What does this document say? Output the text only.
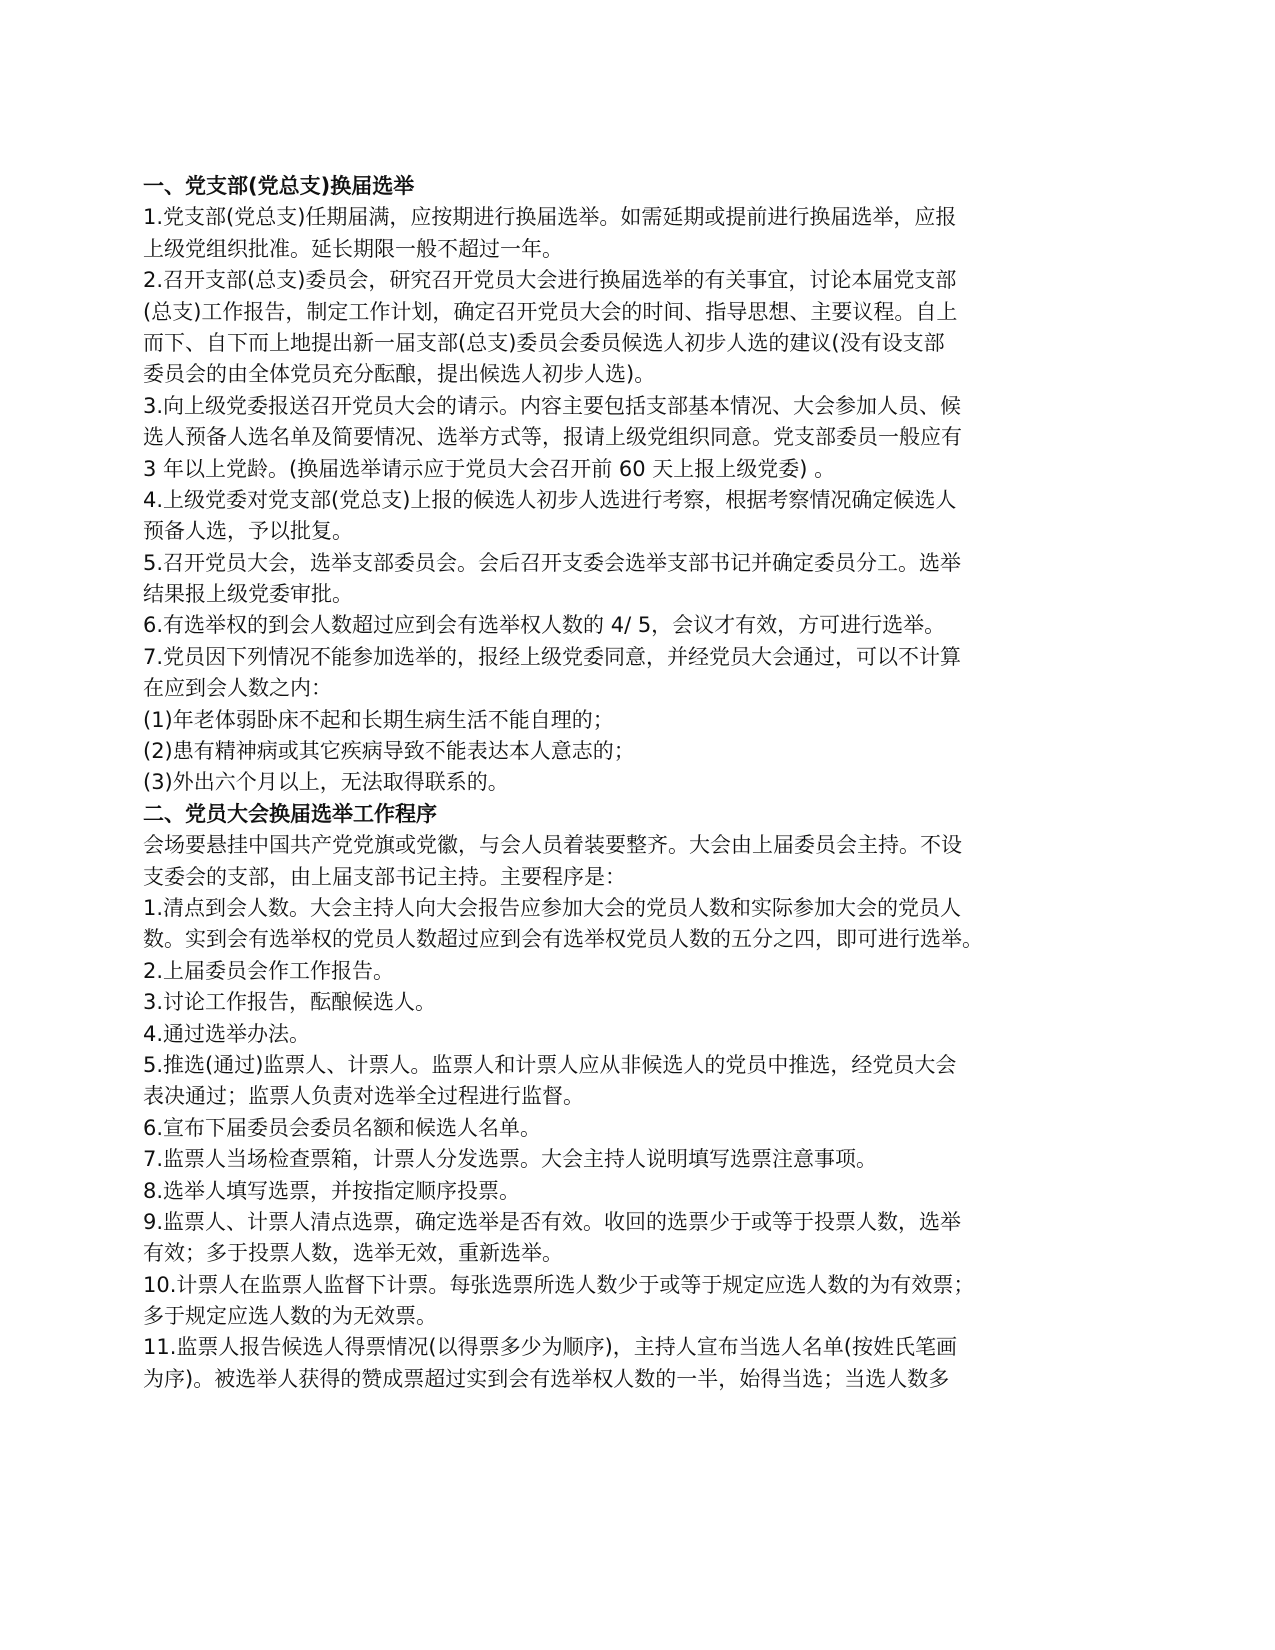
一、党支部(党总支)换届选举
1.党支部(党总支)任期届满，应按期进行换届选举。如需延期或提前进行换届选举，应报
上级党组织批准。延长期限一般不超过一年。
2.召开支部(总支)委员会，研究召开党员大会进行换届选举的有关事宜，讨论本届党支部
(总支)工作报告，制定工作计划，确定召开党员大会的时间、指导思想、主要议程。自上
而下、自下而上地提出新一届支部(总支)委员会委员候选人初步人选的建议(没有设支部
委员会的由全体党员充分酝酿，提出候选人初步人选)。
3.向上级党委报送召开党员大会的请示。内容主要包括支部基本情况、大会参加人员、候
选人预备人选名单及简要情况、选举方式等，报请上级党组织同意。党支部委员一般应有
3 年以上党龄。(换届选举请示应于党员大会召开前 60 天上报上级党委) 。
4.上级党委对党支部(党总支)上报的候选人初步人选进行考察，根据考察情况确定候选人
预备人选，予以批复。
5.召开党员大会，选举支部委员会。会后召开支委会选举支部书记并确定委员分工。选举
结果报上级党委审批。
6.有选举权的到会人数超过应到会有选举权人数的 4/ 5，会议才有效，方可进行选举。
7.党员因下列情况不能参加选举的，报经上级党委同意，并经党员大会通过，可以不计算
在应到会人数之内：
(1)年老体弱卧床不起和长期生病生活不能自理的；
(2)患有精神病或其它疾病导致不能表达本人意志的；
(3)外出六个月以上，无法取得联系的。
二、党员大会换届选举工作程序
会场要悬挂中国共产党党旗或党徽，与会人员着装要整齐。大会由上届委员会主持。不设
支委会的支部，由上届支部书记主持。主要程序是：
1.清点到会人数。大会主持人向大会报告应参加大会的党员人数和实际参加大会的党员人
数。实到会有选举权的党员人数超过应到会有选举权党员人数的五分之四，即可进行选举。
2.上届委员会作工作报告。
3.讨论工作报告，酝酿候选人。
4.通过选举办法。
5.推选(通过)监票人、计票人。监票人和计票人应从非候选人的党员中推选，经党员大会
表决通过；监票人负责对选举全过程进行监督。
6.宣布下届委员会委员名额和候选人名单。
7.监票人当场检查票箱，计票人分发选票。大会主持人说明填写选票注意事项。
8.选举人填写选票，并按指定顺序投票。
9.监票人、计票人清点选票，确定选举是否有效。收回的选票少于或等于投票人数，选举
有效；多于投票人数，选举无效，重新选举。
10.计票人在监票人监督下计票。每张选票所选人数少于或等于规定应选人数的为有效票；
多于规定应选人数的为无效票。
11.监票人报告候选人得票情况(以得票多少为顺序)，主持人宣布当选人名单(按姓氏笔画
为序)。被选举人获得的赞成票超过实到会有选举权人数的一半，始得当选；当选人数多
